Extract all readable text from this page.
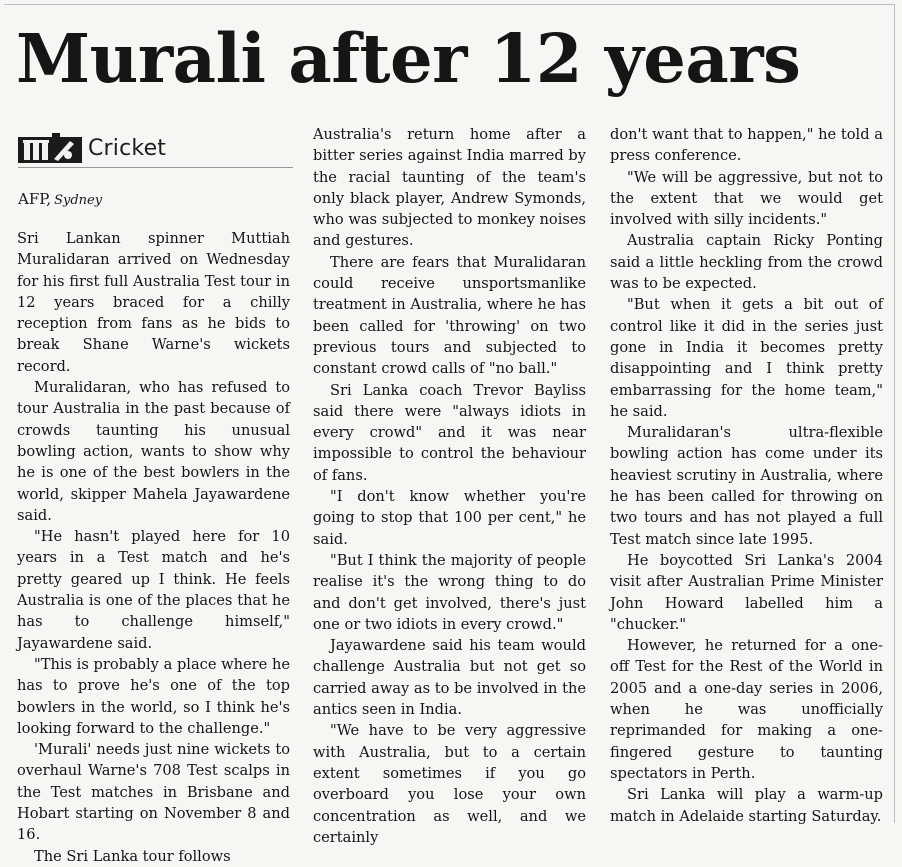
Murali after 12 years
Cricket
AFP, Sydney

Sri Lankan spinner Muttiah Muralidaran arrived on Wednesday for his first full Australia Test tour in 12 years braced for a chilly reception from fans as he bids to break Shane Warne's wickets record.

Muralidaran, who has refused to tour Australia in the past because of crowds taunting his unusual bowling action, wants to show why he is one of the best bowlers in the world, skipper Mahela Jayawardene said.

"He hasn't played here for 10 years in a Test match and he's pretty geared up I think. He feels Australia is one of the places that he has to challenge himself," Jayawardene said.

"This is probably a place where he has to prove he's one of the top bowlers in the world, so I think he's looking forward to the challenge."

'Murali' needs just nine wickets to overhaul Warne's 708 Test scalps in the Test matches in Brisbane and Hobart starting on November 8 and 16.

The Sri Lanka tour follows

Australia's return home after a bitter series against India marred by the racial taunting of the team's only black player, Andrew Symonds, who was subjected to monkey noises and gestures.

There are fears that Muralidaran could receive unsportsmanlike treatment in Australia, where he has been called for 'throwing' on two previous tours and subjected to constant crowd calls of "no ball."

Sri Lanka coach Trevor Bayliss said there were "always idiots in every crowd" and it was near impossible to control the behaviour of fans.

"I don't know whether you're going to stop that 100 per cent," he said.

"But I think the majority of people realise it's the wrong thing to do and don't get involved, there's just one or two idiots in every crowd."

Jayawardene said his team would challenge Australia but not get so carried away as to be involved in the antics seen in India.

"We have to be very aggressive with Australia, but to a certain extent sometimes if you go overboard you lose your own concentration as well, and we certainly

don't want that to happen," he told a press conference.

"We will be aggressive, but not to the extent that we would get involved with silly incidents."

Australia captain Ricky Ponting said a little heckling from the crowd was to be expected.

"But when it gets a bit out of control like it did in the series just gone in India it becomes pretty disappointing and I think pretty embarrassing for the home team," he said.

Muralidaran's ultra-flexible bowling action has come under its heaviest scrutiny in Australia, where he has been called for throwing on two tours and has not played a full Test match since late 1995.

He boycotted Sri Lanka's 2004 visit after Australian Prime Minister John Howard labelled him a "chucker."

However, he returned for a one-off Test for the Rest of the World in 2005 and a one-day series in 2006, when he was unofficially reprimanded for making a one-fingered gesture to taunting spectators in Perth.

Sri Lanka will play a warm-up match in Adelaide starting Saturday.
